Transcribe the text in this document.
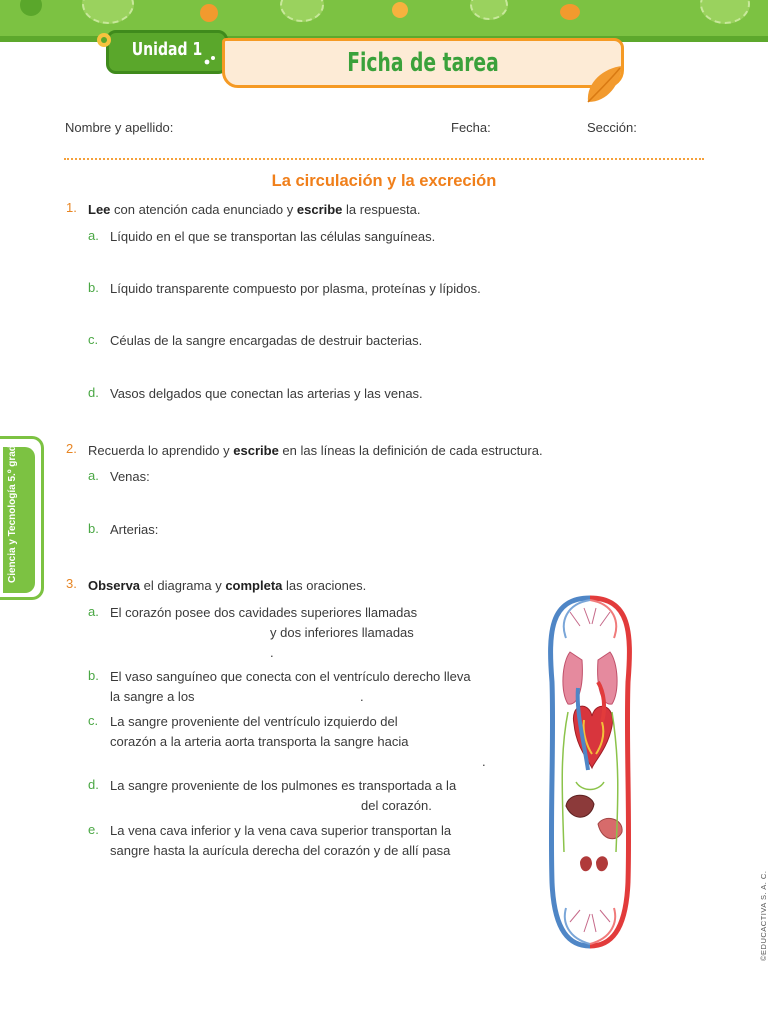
Unidad 1	Ficha de tarea
Nombre y apellido:	Fecha:	Sección:
La circulación y la excreción
1. Lee con atención cada enunciado y escribe la respuesta.
a. Líquido en el que se transportan las células sanguíneas.
b. Líquido transparente compuesto por plasma, proteínas y lípidos.
c. Céulas de la sangre encargadas de destruir bacterias.
d. Vasos delgados que conectan las arterias y las venas.
2. Recuerda lo aprendido y escribe en las líneas la definición de cada estructura.
a. Venas:
b. Arterias:
Ciencia y Tecnología 5.º grado
3. Observa el diagrama y completa las oraciones.
a. El corazón posee dos cavidades superiores llamadas
y dos inferiores llamadas
.
b. El vaso sanguíneo que conecta con el ventrículo derecho lleva
la sangre a los	.
c. La sangre proveniente del ventrículo izquierdo del
corazón a la arteria aorta transporta la sangre hacia
.
d. La sangre proveniente de los pulmones es transportada a la
del corazón.
e. La vena cava inferior y la vena cava superior transportan la
sangre hasta la aurícula derecha del corazón y de allí pasa
©EDUCACTIVA S. A. C.
